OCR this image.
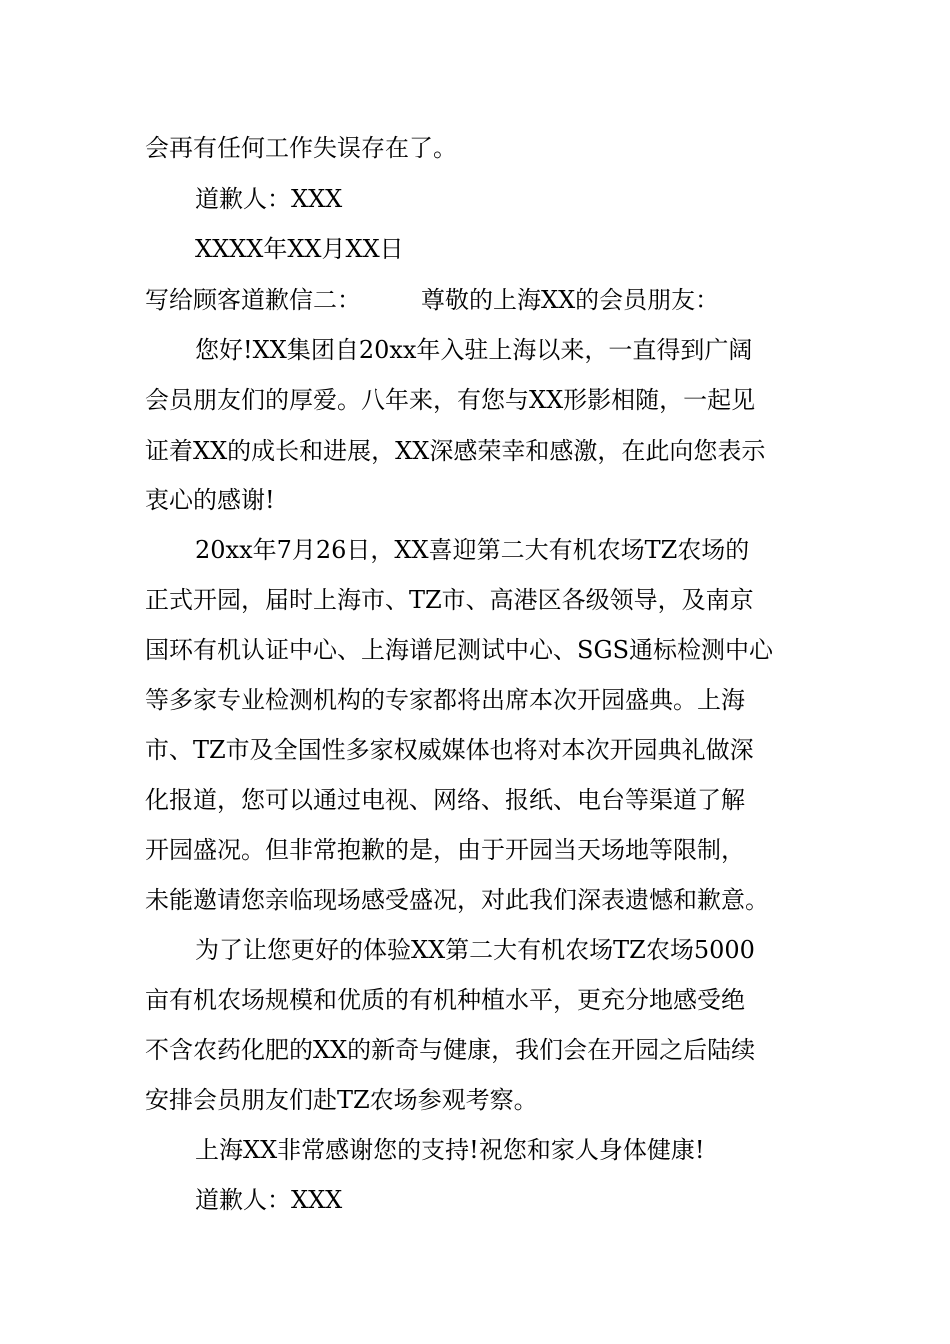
会再有任何工作失误存在了。
道歉人：XXX
XXXX年XX月XX日
写给顾客道歉信二：　　　尊敬的上海XX的会员朋友：
您好!XX集团自20xx年入驻上海以来，一直得到广阔
会员朋友们的厚爱。八年来，有您与XX形影相随，一起见
证着XX的成长和进展，XX深感荣幸和感激，在此向您表示
衷心的感谢!
20xx年7月26日，XX喜迎第二大有机农场TZ农场的
正式开园，届时上海市、TZ市、高港区各级领导，及南京
国环有机认证中心、上海谱尼测试中心、SGS通标检测中心
等多家专业检测机构的专家都将出席本次开园盛典。上海
市、TZ市及全国性多家权威媒体也将对本次开园典礼做深
化报道，您可以通过电视、网络、报纸、电台等渠道了解
开园盛况。但非常抱歉的是，由于开园当天场地等限制，
未能邀请您亲临现场感受盛况，对此我们深表遗憾和歉意。
为了让您更好的体验XX第二大有机农场TZ农场5000
亩有机农场规模和优质的有机种植水平，更充分地感受绝
不含农药化肥的XX的新奇与健康，我们会在开园之后陆续
安排会员朋友们赴TZ农场参观考察。
上海XX非常感谢您的支持!祝您和家人身体健康!
道歉人：XXX
